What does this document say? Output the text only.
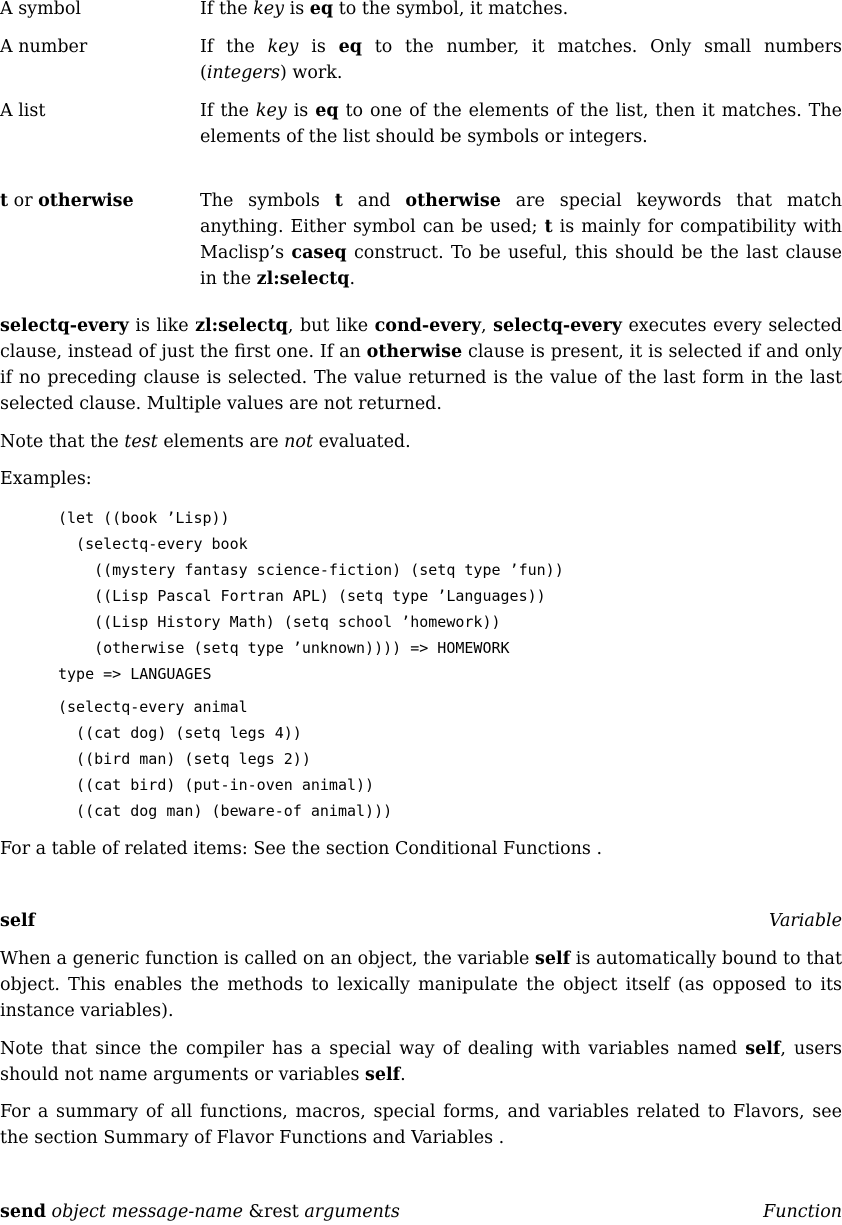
A symbol	If the key is eq to the symbol, it matches.
A number	If the key is eq to the number, it matches. Only small numbers (integers) work.
A list	If the key is eq to one of the elements of the list, then it matches. The elements of the list should be symbols or integers.
t or otherwise	The symbols t and otherwise are special keywords that match anything. Either symbol can be used; t is mainly for compatibility with Maclisp’s caseq construct. To be useful, this should be the last clause in the zl:selectq.
selectq-every is like zl:selectq, but like cond-every, selectq-every executes every selected clause, instead of just the first one. If an otherwise clause is present, it is selected if and only if no preceding clause is selected. The value returned is the value of the last form in the last selected clause. Multiple values are not returned.
Note that the test elements are not evaluated.
Examples:
(let ((book ’Lisp))
(selectq-every book
((mystery fantasy science-fiction) (setq type ’fun))
((Lisp Pascal Fortran APL) (setq type ’Languages))
((Lisp History Math) (setq school ’homework))
(otherwise (setq type ’unknown)))) => HOMEWORK
type => LANGUAGES
(selectq-every animal
((cat dog) (setq legs 4))
((bird man) (setq legs 2))
((cat bird) (put-in-oven animal))
((cat dog man) (beware-of animal)))
For a table of related items: See the section Conditional Functions .
self	Variable
When a generic function is called on an object, the variable self is automatically bound to that object. This enables the methods to lexically manipulate the object itself (as opposed to its instance variables).
Note that since the compiler has a special way of dealing with variables named self, users should not name arguments or variables self.
For a summary of all functions, macros, special forms, and variables related to Flavors, see the section Summary of Flavor Functions and Variables .
send object message-name &rest arguments	Function
